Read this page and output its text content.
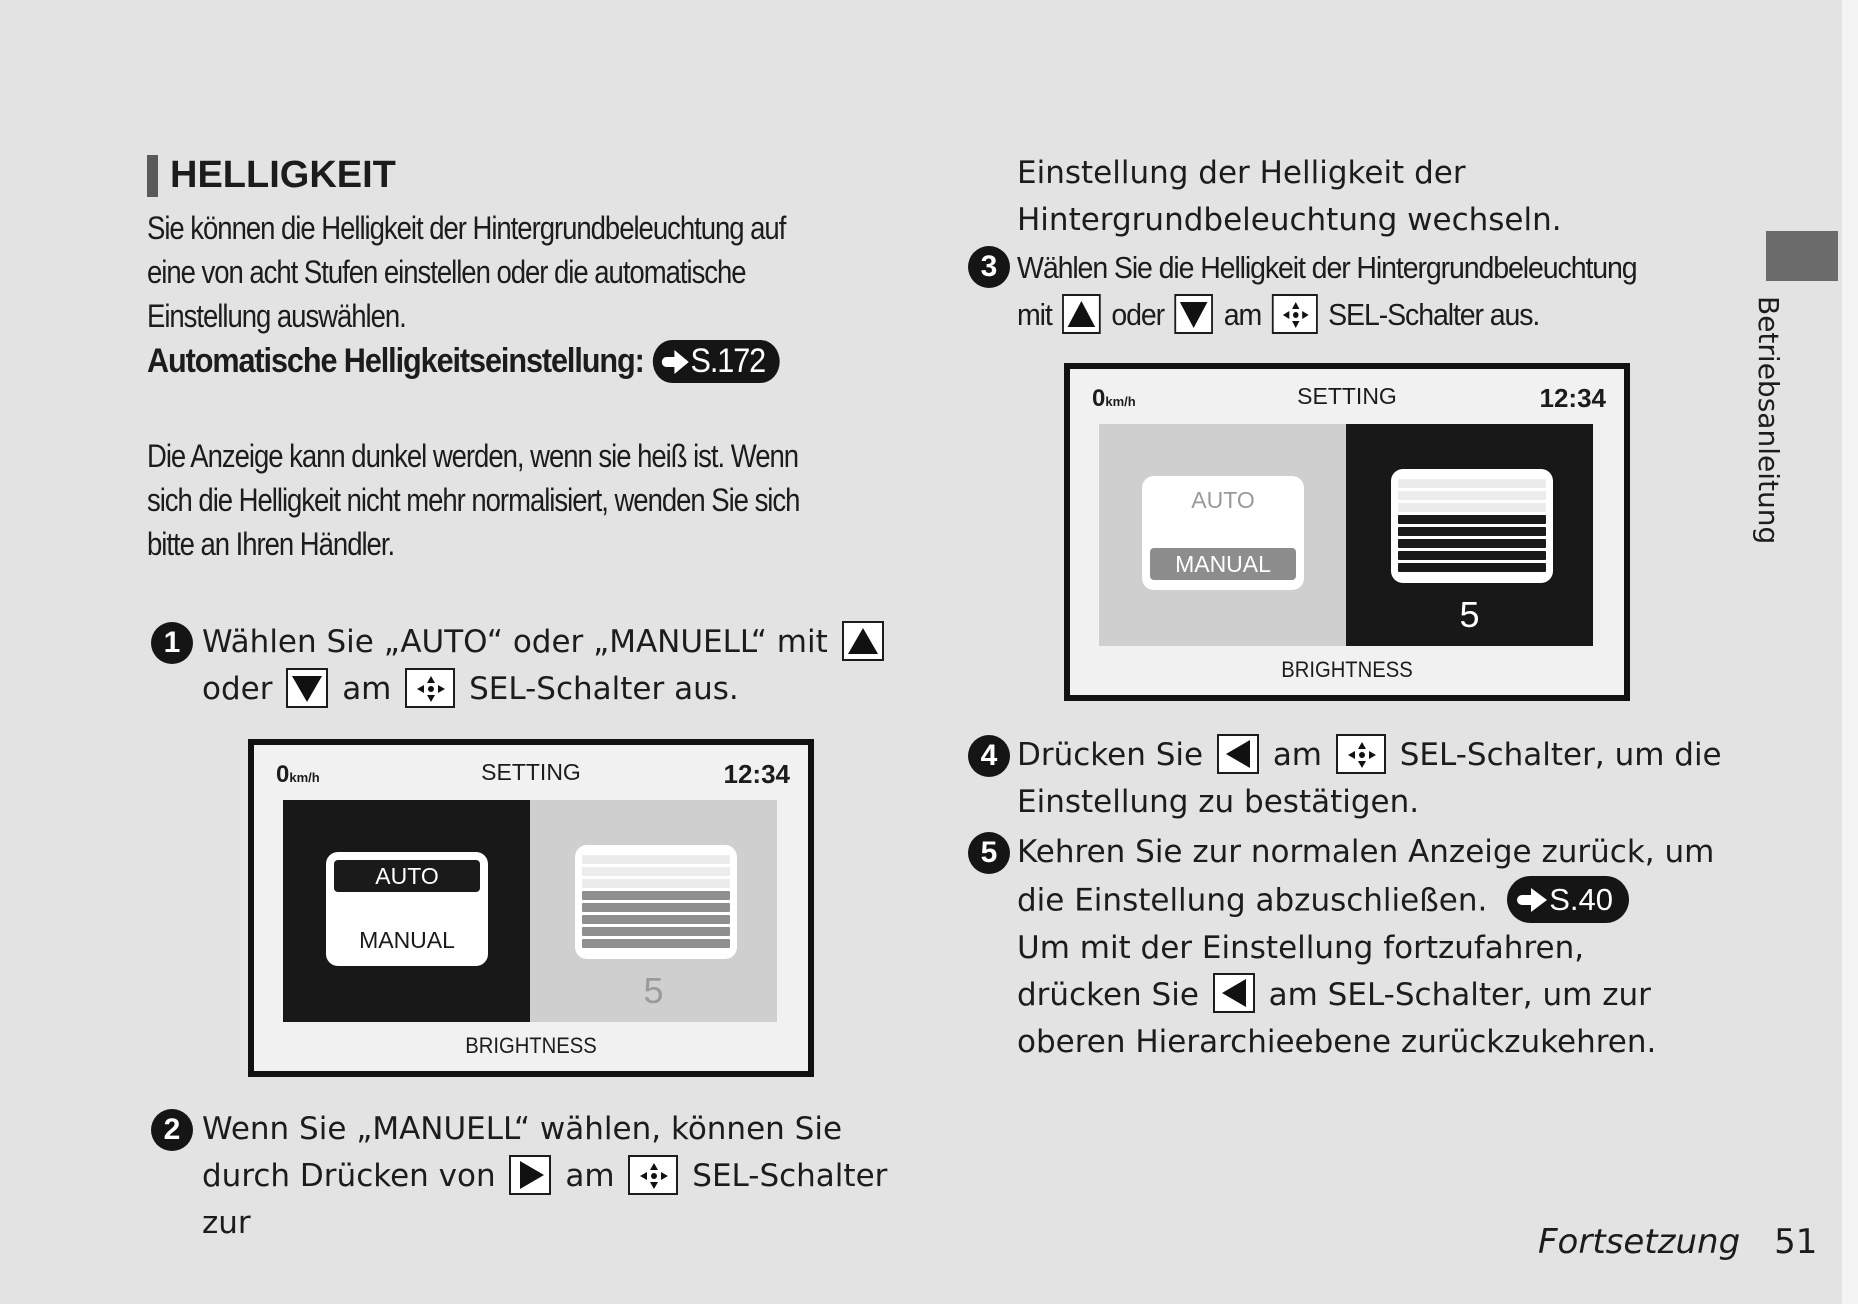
HELLIGKEIT
Sie können die Helligkeit der Hintergrundbeleuchtung auf eine von acht Stufen einstellen oder die automatische Einstellung auswählen.
Automatische Helligkeitseinstellung: S.172
Die Anzeige kann dunkel werden, wenn sie heiß ist. Wenn sich die Helligkeit nicht mehr normalisiert, wenden Sie sich bitte an Ihren Händler.
1 Wählen Sie „AUTO“ oder „MANUELL“ mit
oder am	SEL-Schalter aus.
0km/h	SETTING	12:34
AUTO
MANUAL
5
BRIGHTNESS
2 Wenn Sie „MANUELL“ wählen, können Sie
durch Drücken von am	SEL-Schalter zur
Einstellung der Helligkeit der
Hintergrundbeleuchtung wechseln.
3 Wählen Sie die Helligkeit der Hintergrundbeleuchtung
mit oder am SEL-Schalter aus.
0km/h	SETTING	12:34
AUTO
MANUAL
5
BRIGHTNESS
4 Drücken Sie am	SEL-Schalter, um die
Einstellung zu bestätigen.
5 Kehren Sie zur normalen Anzeige zurück, um
die Einstellung abzuschließen. S.40
Um mit der Einstellung fortzufahren,
drücken Sie am SEL-Schalter, um zur
oberen Hierarchieebene zurückzukehren.
Betriebsanleitung
Fortsetzung 51
